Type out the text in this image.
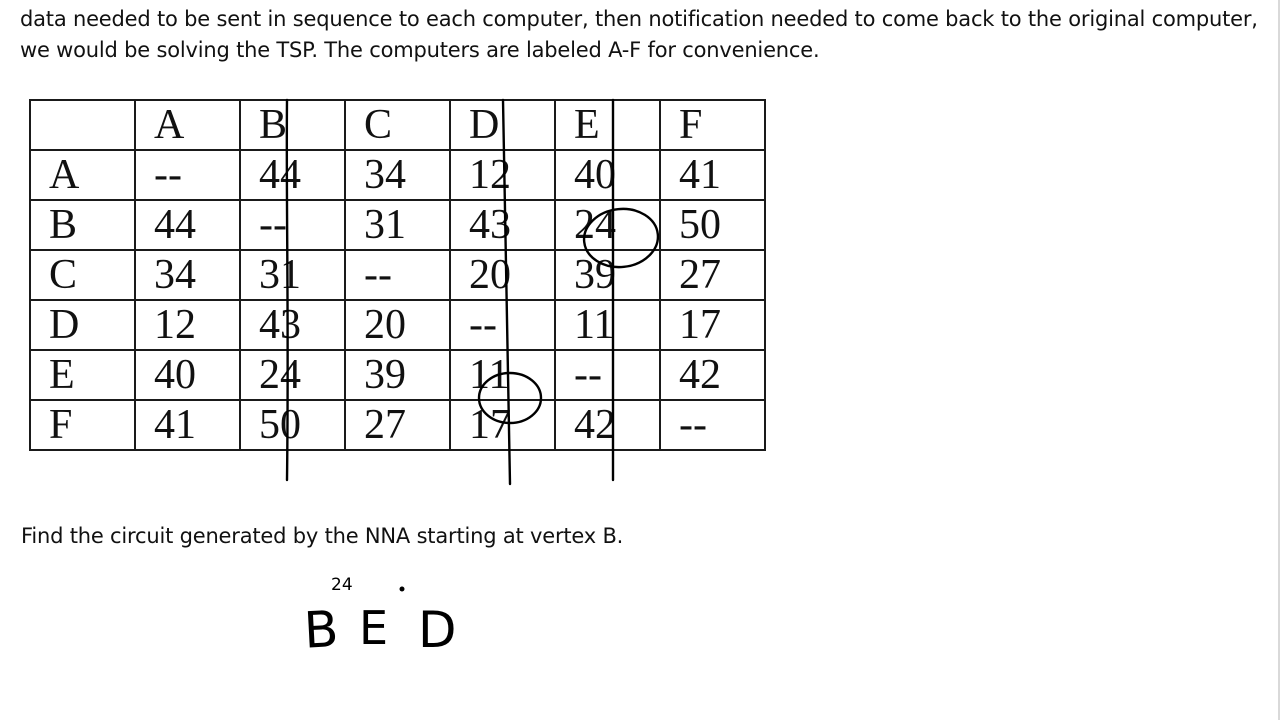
data needed to be sent in sequence to each computer, then notification needed to come back to the original computer,

we would be solving the TSP. The computers are labeled A-F for convenience.

	A	B	C	D	E	F
A	--	44	34	12	40	41
B	44	--	31	43	24	50
C	34	31	--	20	39	27
D	12	43	20	--	11	17
E	40	24	39	11	--	42
F	41	50	27	17	42	--
Find the circuit generated by the NNA starting at vertex B.
24
B E D
